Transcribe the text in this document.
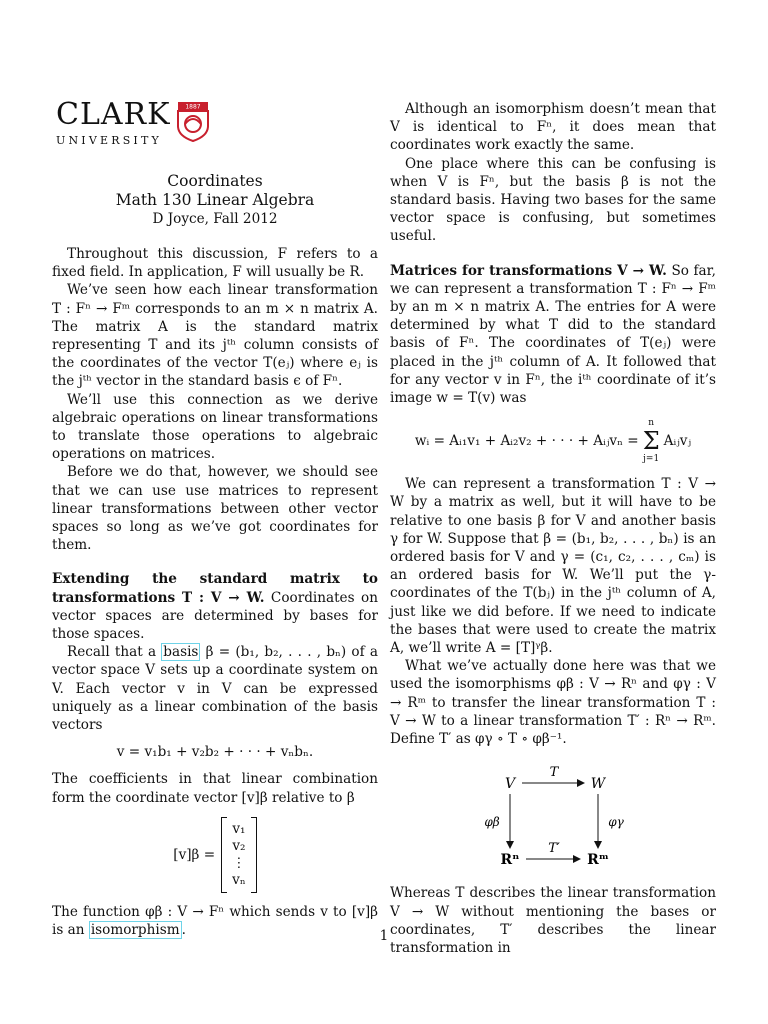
CLARK
UNIVERSITY
1887
Coordinates
Math 130 Linear Algebra
D Joyce, Fall 2012

Throughout this discussion, F refers to a fixed field. In application, F will usually be R.

We’ve seen how each linear transformation T : Fⁿ → Fᵐ corresponds to an m × n matrix A. The matrix A is the standard matrix representing T and its jᵗʰ column consists of the coordinates of the vector T(eⱼ) where eⱼ is the jᵗʰ vector in the standard basis ϵ of Fⁿ.

We’ll use this connection as we derive algebraic operations on linear transformations to translate those operations to algebraic operations on matrices.

Before we do that, however, we should see that we can use use matrices to represent linear transformations between other vector spaces so long as we’ve got coordinates for them.

Extending the standard matrix to transformations T : V → W. Coordinates on vector spaces are determined by bases for those spaces.

Recall that a basis β = (b₁, b₂, . . . , bₙ) of a vector space V sets up a coordinate system on V. Each vector v in V can be expressed uniquely as a linear combination of the basis vectors

v = v₁b₁ + v₂b₂ + · · · + vₙbₙ.

The coefficients in that linear combination form the coordinate vector [v]β relative to β

[v]β =
v₁
v₂
⋮
vₙ

The function φβ : V → Fⁿ which sends v to [v]β is an isomorphism .

Although an isomorphism doesn’t mean that V is identical to Fⁿ, it does mean that coordinates work exactly the same.

One place where this can be confusing is when V is Fⁿ, but the basis β is not the standard basis. Having two bases for the same vector space is confusing, but sometimes useful.

Matrices for transformations V → W. So far, we can represent a transformation T : Fⁿ → Fᵐ by an m × n matrix A. The entries for A were determined by what T did to the standard basis of Fⁿ. The coordinates of T(eⱼ) were placed in the jᵗʰ column of A. It followed that for any vector v in Fⁿ, the iᵗʰ coordinate of it’s image w = T(v) was
wᵢ = Aᵢ₁v₁ + Aᵢ₂v₂ + · · · + Aᵢⱼvₙ =
n
Σ
j=1
Aᵢⱼvⱼ

We can represent a transformation T : V → W by a matrix as well, but it will have to be relative to one basis β for V and another basis γ for W. Suppose that β = (b₁, b₂, . . . , bₙ) is an ordered basis for V and γ = (c₁, c₂, . . . , cₘ) is an ordered basis for W. We’ll put the γ-coordinates of the T(bⱼ) in the jᵗʰ column of A, just like we did before. If we need to indicate the bases that were used to create the matrix A, we’ll write A = [T]ᵞβ.

What we’ve actually done here was that we used the isomorphisms φβ : V → Rⁿ and φγ : V → Rᵐ to transfer the linear transformation T : V → W to a linear transformation T′ : Rⁿ → Rᵐ. Define T′ as φγ ∘ T ∘ φβ⁻¹.

V	W
Rⁿ	Rᵐ
T
T′
φβ	φγ

Whereas T describes the linear transformation V → W without mentioning the bases or coordinates, T′ describes the linear transformation in

1
